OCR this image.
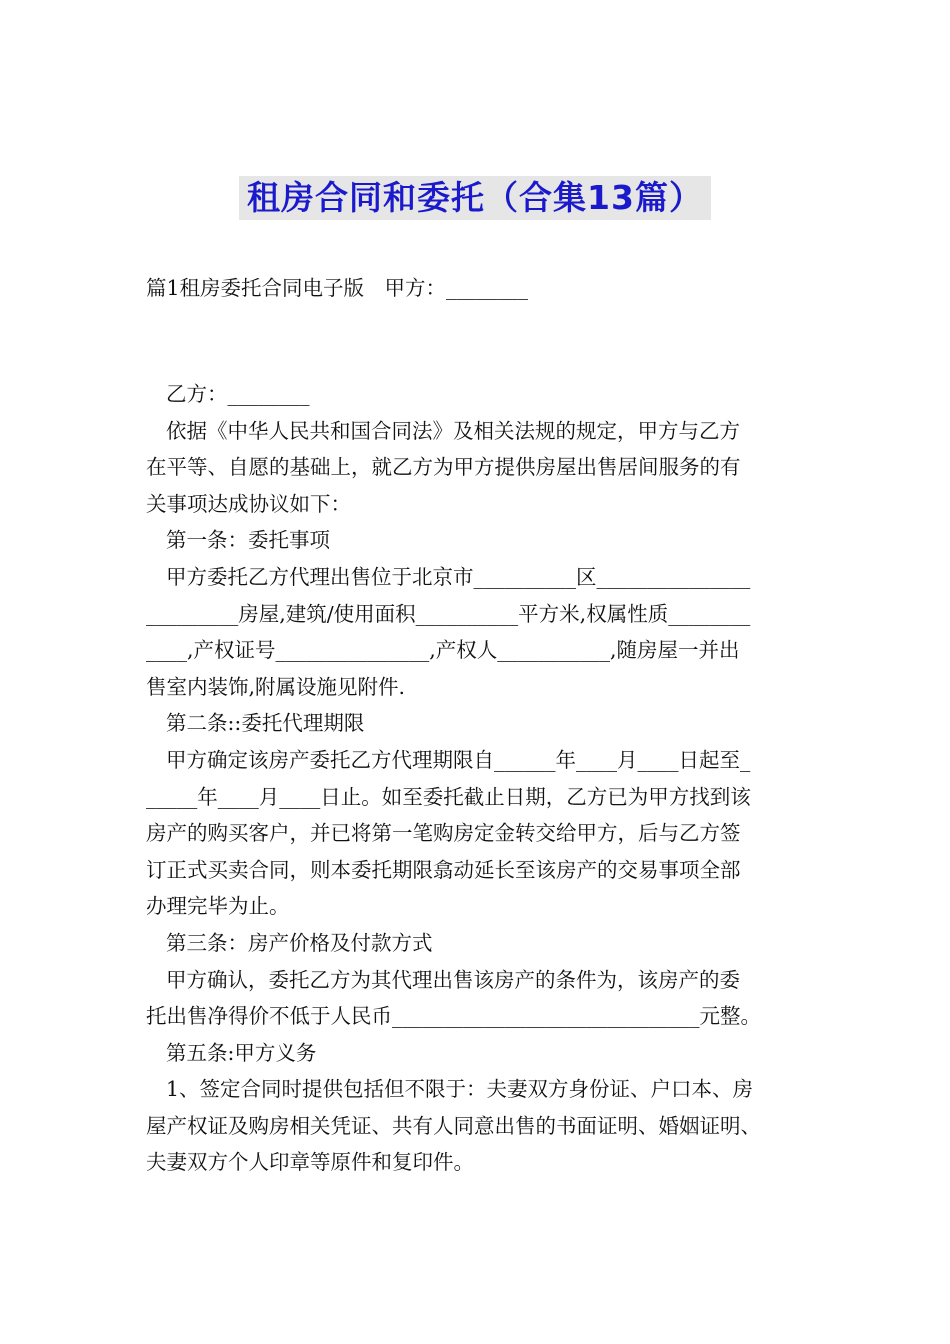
租房合同和委托（合集13篇）

篇1租房委托合同电子版　甲方：________

乙方：________

依据《中华人民共和国合同法》及相关法规的规定，甲方与乙方

在平等、自愿的基础上，就乙方为甲方提供房屋出售居间服务的有

关事项达成协议如下：

第一条：委托事项

甲方委托乙方代理出售位于北京市__________区_______________

_________房屋,建筑/使用面积__________平方米,权属性质________

____,产权证号_______________,产权人___________,随房屋一并出

售室内装饰,附属设施见附件.

第二条::委托代理期限

甲方确定该房产委托乙方代理期限自______年____月____日起至_

_____年____月____日止。如至委托截止日期，乙方已为甲方找到该

房产的购买客户，并已将第一笔购房定金转交给甲方，后与乙方签

订正式买卖合同，则本委托期限翕动延长至该房产的交易事项全部

办理完毕为止。

第三条：房产价格及付款方式

甲方确认，委托乙方为其代理出售该房产的条件为，该房产的委

托出售净得价不低于人民币______________________________元整。

第五条:甲方义务

1、签定合同时提供包括但不限于：夫妻双方身份证、户口本、房

屋产权证及购房相关凭证、共有人同意出售的书面证明、婚姻证明、

夫妻双方个人印章等原件和复印件。
